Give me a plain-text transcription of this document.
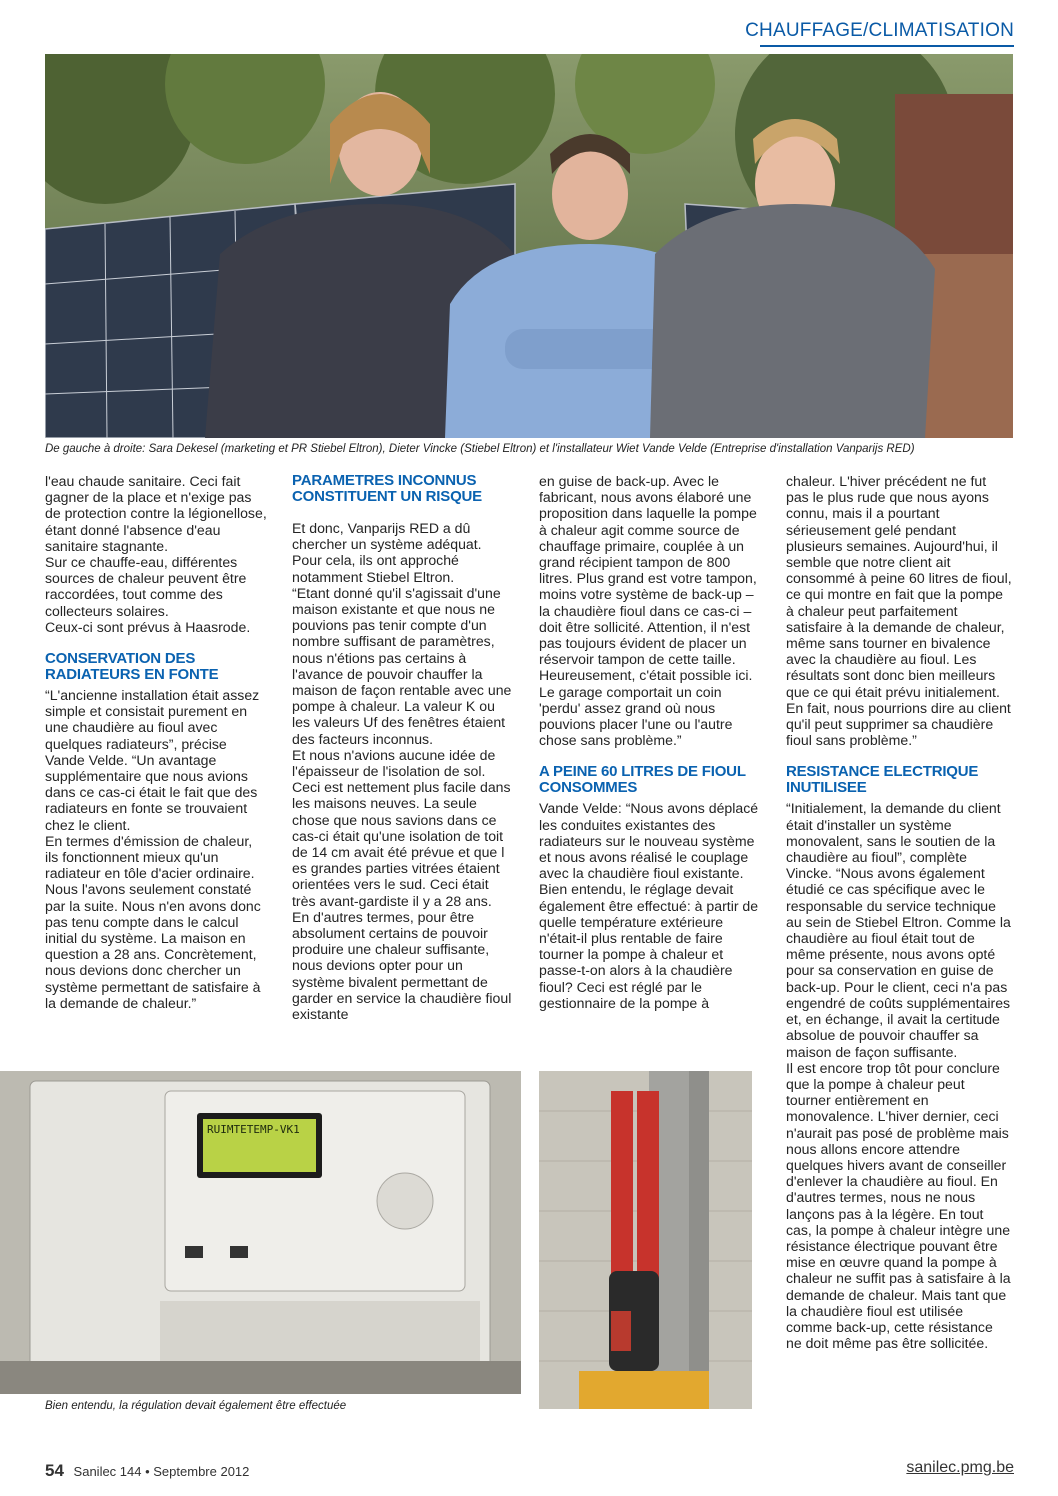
CHAUFFAGE/CLIMATISATION
De gauche à droite: Sara Dekesel (marketing et PR Stiebel Eltron), Dieter Vincke (Stiebel Eltron) et l'installateur Wiet Vande Velde (Entreprise d'installation Vanparijs RED)

l'eau chaude sanitaire. Ceci fait gagner de la place et n'exige pas de protection contre la légionellose, étant donné l'absence d'eau sanitaire stagnante.

Sur ce chauffe-eau, différentes sources de chaleur peuvent être raccordées, tout comme des collecteurs solaires.

Ceux-ci sont prévus à Haasrode.

CONSERVATION DES RADIATEURS EN FONTE

“L'ancienne installation était assez simple et consistait purement en une chaudière au fioul avec quelques radiateurs”, précise Vande Velde. “Un avantage supplémentaire que nous avions dans ce cas-ci était le fait que des radiateurs en fonte se trouvaient chez le client.

En termes d'émission de chaleur, ils fonctionnent mieux qu'un radiateur en tôle d'acier ordinaire. Nous l'avons seulement constaté par la suite. Nous n'en avons donc pas tenu compte dans le calcul initial du système. La maison en question a 28 ans. Concrètement, nous devions donc chercher un système permettant de satisfaire à la demande de chaleur.”

PARAMETRES INCONNUS CONSTITUENT UN RISQUE

Et donc, Vanparijs RED a dû chercher un système adéquat. Pour cela, ils ont approché notamment Stiebel Eltron.

“Etant donné qu'il s'agissait d'une maison existante et que nous ne pouvions pas tenir compte d'un nombre suffisant de paramètres, nous n'étions pas certains à l'avance de pouvoir chauffer la maison de façon rentable avec une pompe à chaleur. La valeur K ou les valeurs Uf des fenêtres étaient des facteurs inconnus.

Et nous n'avions aucune idée de l'épaisseur de l'isolation de sol. Ceci est nettement plus facile dans les maisons neuves. La seule chose que nous savions dans ce cas-ci était qu'une isolation de toit de 14 cm avait été prévue et que l es grandes parties vitrées étaient orientées vers le sud. Ceci était très avant-gardiste il y a 28 ans.

En d'autres termes, pour être absolument certains de pouvoir produire une chaleur suffisante, nous devions opter pour un système bivalent permettant de garder en service la chaudière fioul existante

en guise de back-up. Avec le fabricant, nous avons élaboré une proposition dans laquelle la pompe à chaleur agit comme source de chauffage primaire, couplée à un grand récipient tampon de 800 litres. Plus grand est votre tampon, moins votre système de back-up – la chaudière fioul dans ce cas-ci – doit être sollicité. Attention, il n'est pas toujours évident de placer un réservoir tampon de cette taille. Heureusement, c'était possible ici. Le garage comportait un coin 'perdu' assez grand où nous pouvions placer l'une ou l'autre chose sans problème.”

A PEINE 60 LITRES DE FIOUL CONSOMMES

Vande Velde: “Nous avons déplacé les conduites existantes des radiateurs sur le nouveau système et nous avons réalisé le couplage avec la chaudière fioul existante.

Bien entendu, le réglage devait également être effectué: à partir de quelle température extérieure n'était-il plus rentable de faire tourner la pompe à chaleur et passe-t-on alors à la chaudière fioul? Ceci est réglé par le gestionnaire de la pompe à

chaleur. L'hiver précédent ne fut pas le plus rude que nous ayons connu, mais il a pourtant sérieusement gelé pendant plusieurs semaines. Aujourd'hui, il semble que notre client ait consommé à peine 60 litres de fioul, ce qui montre en fait que la pompe à chaleur peut parfaitement satisfaire à la demande de chaleur, même sans tourner en bivalence avec la chaudière au fioul. Les résultats sont donc bien meilleurs que ce qui était prévu initialement. En fait, nous pourrions dire au client qu'il peut supprimer sa chaudière fioul sans problème.”

RESISTANCE ELECTRIQUE INUTILISEE

“Initialement, la demande du client était d'installer un système monovalent, sans le soutien de la chaudière au fioul”, complète Vincke. “Nous avons également étudié ce cas spécifique avec le responsable du service technique au sein de Stiebel Eltron. Comme la chaudière au fioul était tout de même présente, nous avons opté pour sa conservation en guise de back-up. Pour le client, ceci n'a pas engendré de coûts supplémentaires et, en échange, il avait la certitude absolue de pouvoir chauffer sa maison de façon suffisante.

Il est encore trop tôt pour conclure que la pompe à chaleur peut tourner entièrement en monovalence. L'hiver dernier, ceci n'aurait pas posé de problème mais nous allons encore attendre quelques hivers avant de conseiller d'enlever la chaudière au fioul. En d'autres termes, nous ne nous lançons pas à la légère. En tout cas, la pompe à chaleur intègre une résistance électrique pouvant être mise en œuvre quand la pompe à chaleur ne suffit pas à satisfaire à la demande de chaleur. Mais tant que la chaudière fioul est utilisée comme back-up, cette résistance ne doit même pas être sollicitée.

RUIMTETEMP-VK1
Bien entendu, la régulation devait également être effectuée
54 Sanilec 144 • Septembre 2012	sanilec.pmg.be
